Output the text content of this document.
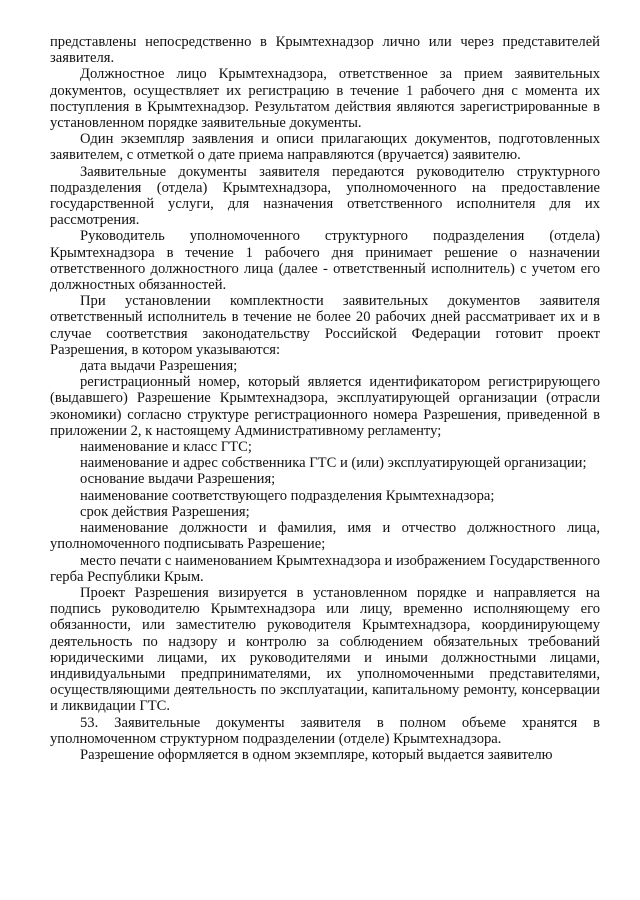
представлены непосредственно в Крымтехнадзор лично или через представителей заявителя.

Должностное лицо Крымтехнадзора, ответственное за прием заявительных документов, осуществляет их регистрацию в течение 1 рабочего дня с момента их поступления в Крымтехнадзор. Результатом действия являются зарегистрированные в установленном порядке заявительные документы.

Один экземпляр заявления и описи прилагающих документов, подготовленных заявителем, с отметкой о дате приема направляются (вручается) заявителю.

Заявительные документы заявителя передаются руководителю структурного подразделения (отдела) Крымтехнадзора, уполномоченного на предоставление государственной услуги, для назначения ответственного исполнителя для их рассмотрения.

Руководитель уполномоченного структурного подразделения (отдела) Крымтехнадзора в течение 1 рабочего дня принимает решение о назначении ответственного должностного лица (далее - ответственный исполнитель) с учетом его должностных обязанностей.

При установлении комплектности заявительных документов заявителя ответственный исполнитель в течение не более 20 рабочих дней рассматривает их и в случае соответствия законодательству Российской Федерации готовит проект Разрешения, в котором указываются:

дата выдачи Разрешения;

регистрационный номер, который является идентификатором регистрирующего (выдавшего) Разрешение Крымтехнадзора, эксплуатирующей организации (отрасли экономики) согласно структуре регистрационного номера Разрешения, приведенной в приложении 2, к настоящему Административному регламенту;

наименование и класс ГТС;

наименование и адрес собственника ГТС и (или) эксплуатирующей организации;

основание выдачи Разрешения;

наименование соответствующего подразделения Крымтехнадзора;

срок действия Разрешения;

наименование должности и фамилия, имя и отчество должностного лица, уполномоченного подписывать Разрешение;

место печати с наименованием Крымтехнадзора и изображением Государственного герба Республики Крым.

Проект Разрешения визируется в установленном порядке и направляется на подпись руководителю Крымтехнадзора или лицу, временно исполняющему его обязанности, или заместителю руководителя Крымтехнадзора, координирующему деятельность по надзору и контролю за соблюдением обязательных требований юридическими лицами, их руководителями и иными должностными лицами, индивидуальными предпринимателями, их уполномоченными представителями, осуществляющими деятельность по эксплуатации, капитальному ремонту, консервации и ликвидации ГТС.

53. Заявительные документы заявителя в полном объеме хранятся в уполномоченном структурном подразделении (отделе) Крымтехнадзора.

Разрешение оформляется в одном экземпляре, который выдается заявителю
